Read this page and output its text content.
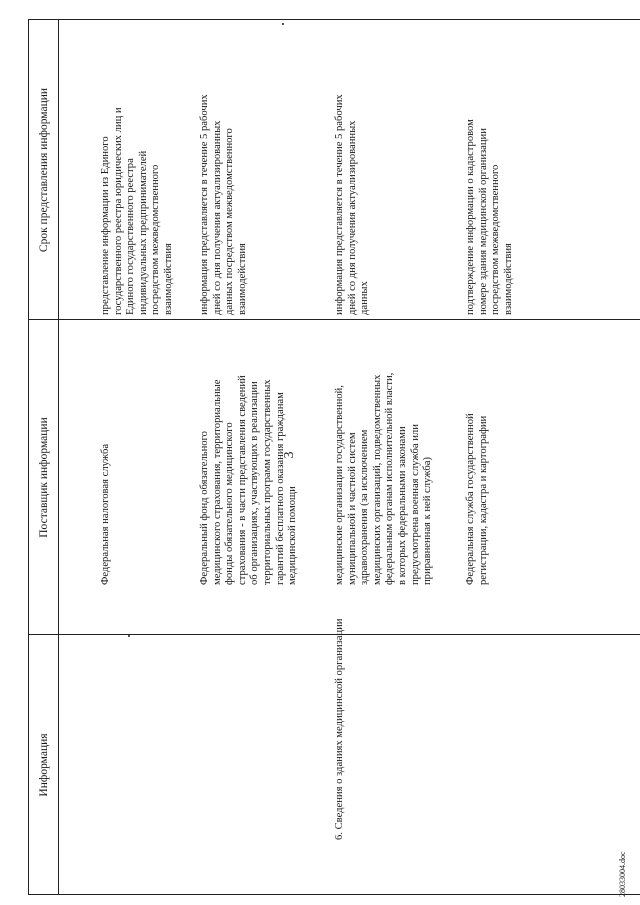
3
Информация
Поставщик информации
Срок представления информации
Федеральная налоговая служба
представление информации из Единого
государственного реестра юридических лиц и
Единого государственного реестра
индивидуальных предпринимателей
посредством межведомственного
взаимодействия
Федеральный фонд обязательного
медицинского страхования, территориальные
фонды обязательного медицинского
страхования - в части представления сведений
об организациях, участвующих в реализации
территориальных программ государственных
гарантий бесплатного оказания гражданам
медицинской помощи
информация представляется в течение 5 рабочих
дней со дня получения актуализированных
данных посредством межведомственного
взаимодействия
6. Сведения о зданиях медицинской организации
медицинские организации государственной,
муниципальной и частной систем
здравоохранения (за исключением
медицинских организаций, подведомственных
федеральным органам исполнительной власти,
в которых федеральными законами
предусмотрена военная служба или
приравненная к ней служба)
информация представляется в течение 5 рабочих
дней со дня получения актуализированных
данных
Федеральная служба государственной
регистрации, кадастра и картографии
подтверждение информации о кадастровом
номере здания медицинской организации
посредством межведомственного
взаимодействия
28033004.doc
